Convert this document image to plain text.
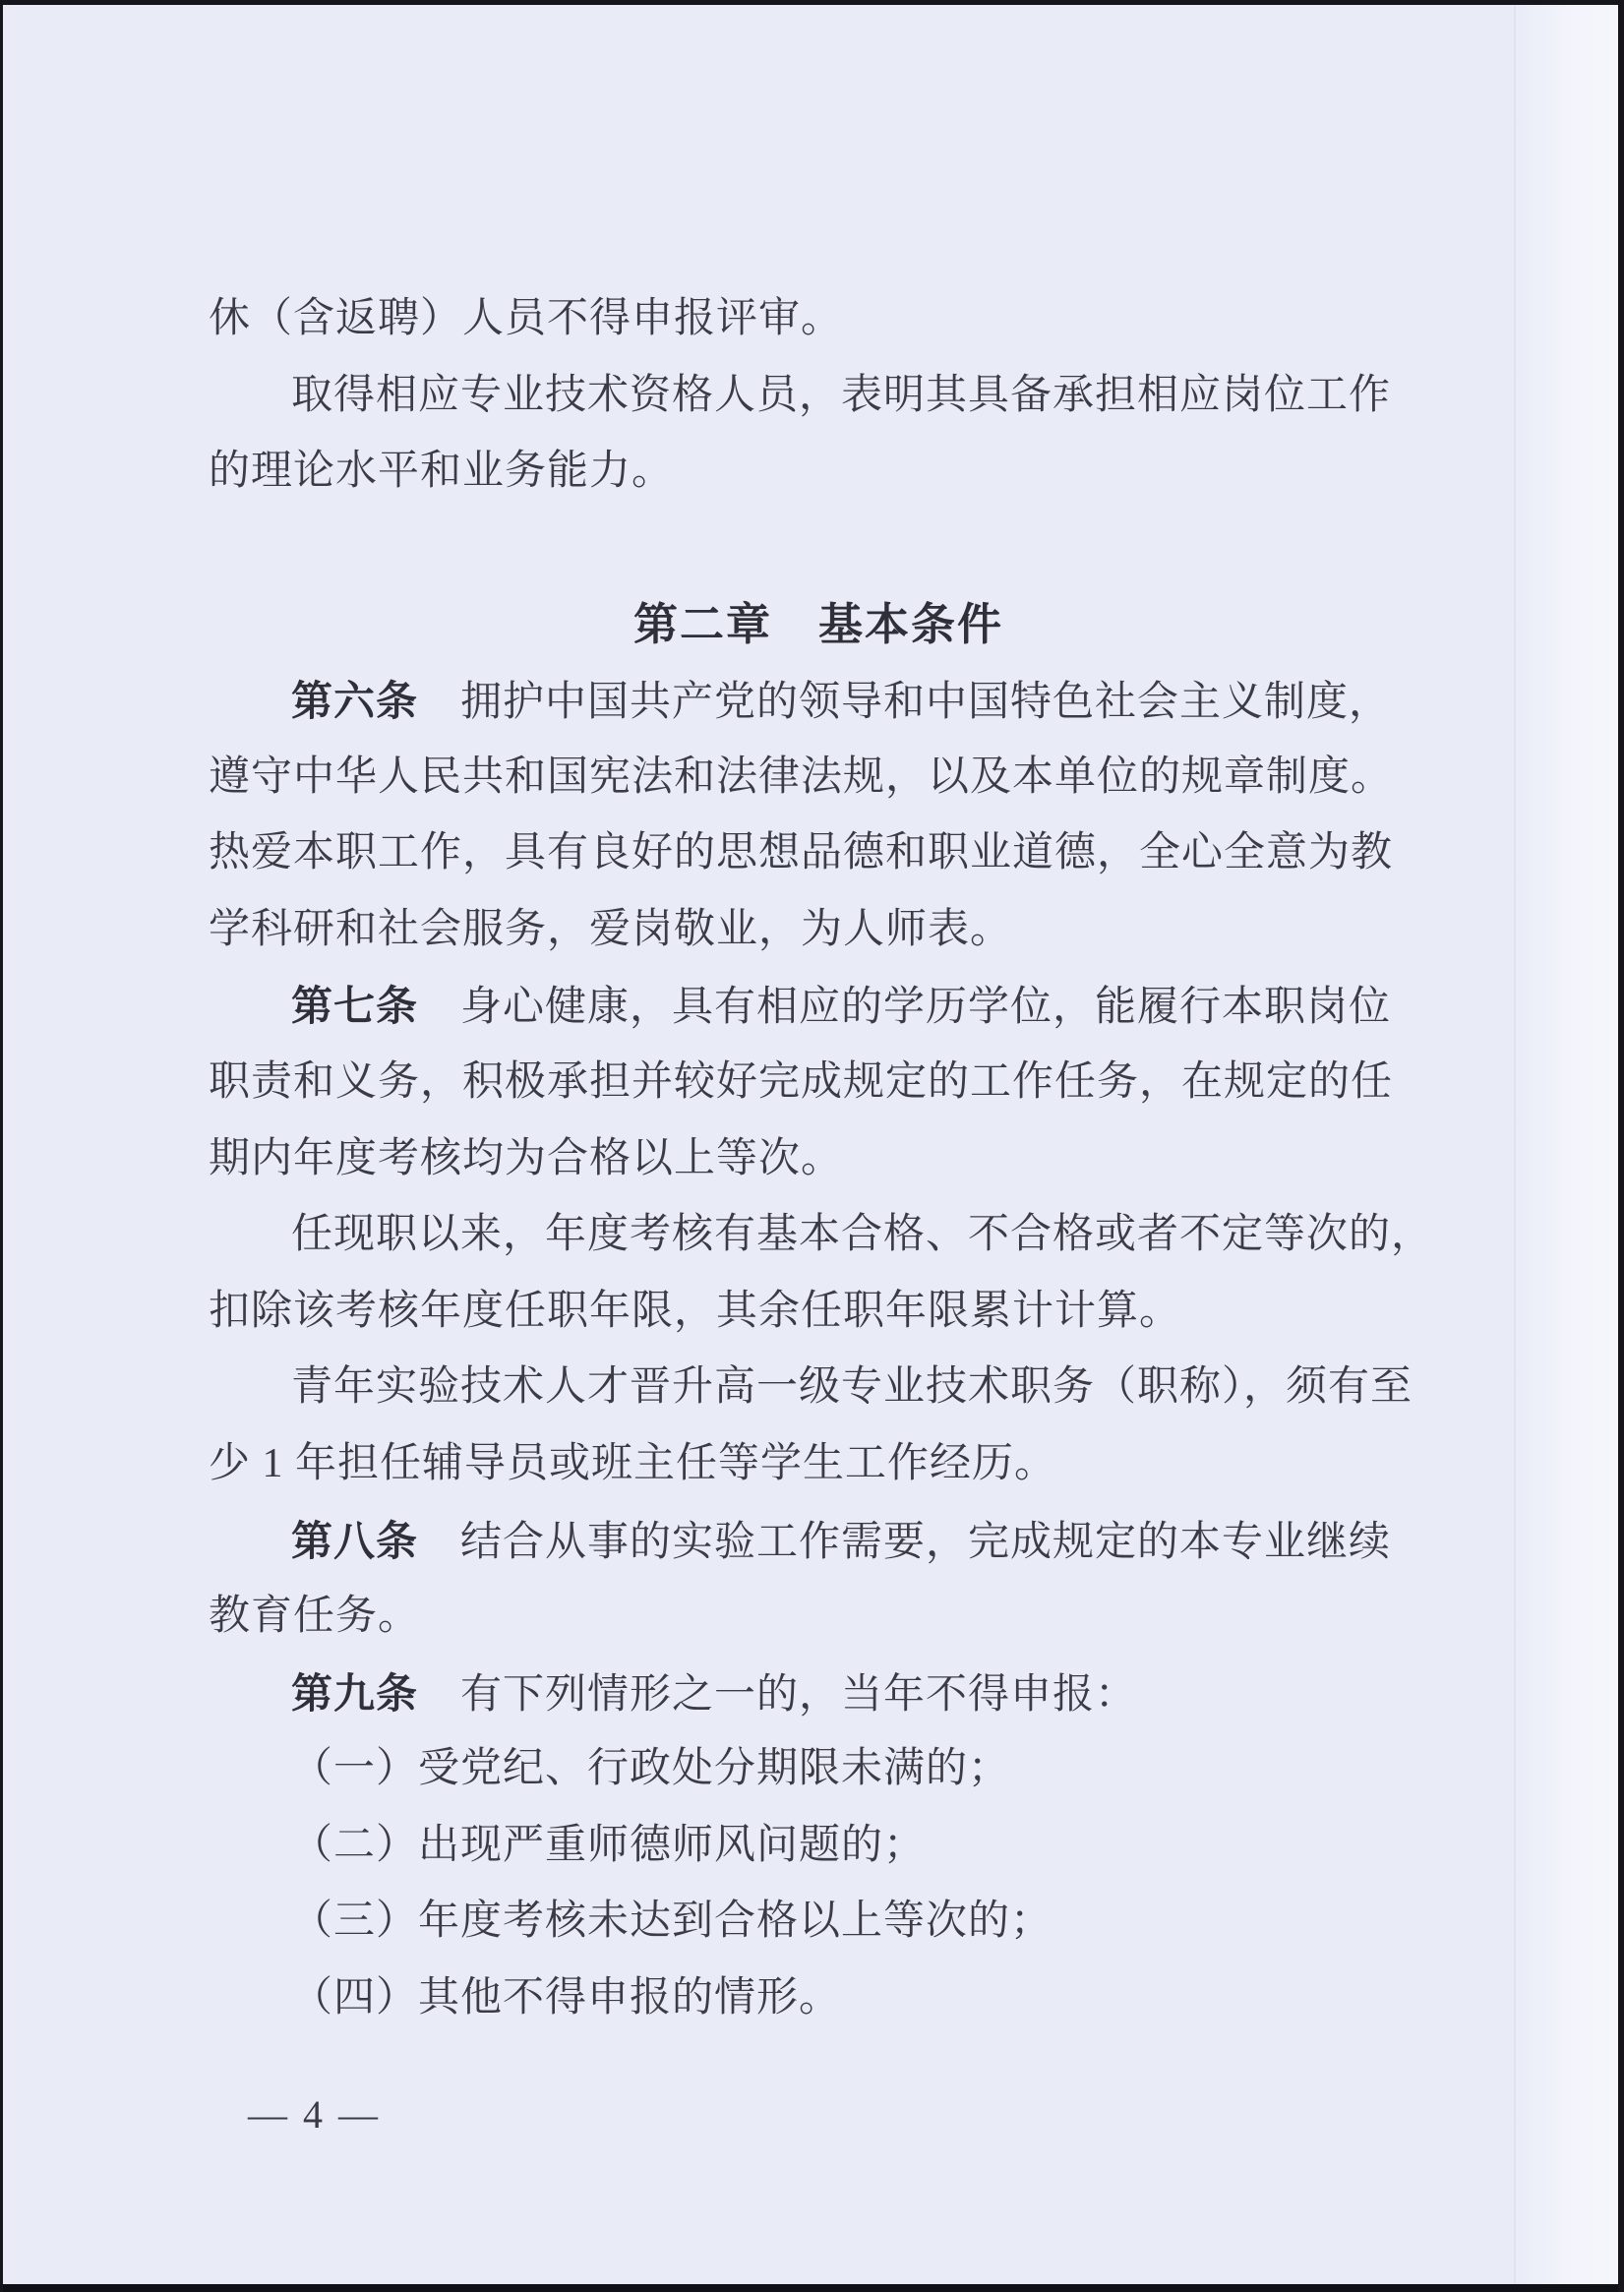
休（含返聘）人员不得申报评审。
取得相应专业技术资格人员，表明其具备承担相应岗位工作
的理论水平和业务能力。
第二章　基本条件
第六条　拥护中国共产党的领导和中国特色社会主义制度，
遵守中华人民共和国宪法和法律法规，以及本单位的规章制度。
热爱本职工作，具有良好的思想品德和职业道德，全心全意为教
学科研和社会服务，爱岗敬业，为人师表。
第七条　身心健康，具有相应的学历学位，能履行本职岗位
职责和义务，积极承担并较好完成规定的工作任务，在规定的任
期内年度考核均为合格以上等次。
任现职以来，年度考核有基本合格、不合格或者不定等次的，
扣除该考核年度任职年限，其余任职年限累计计算。
青年实验技术人才晋升高一级专业技术职务（职称），须有至
少 1 年担任辅导员或班主任等学生工作经历。
第八条　结合从事的实验工作需要，完成规定的本专业继续
教育任务。
第九条　有下列情形之一的，当年不得申报：
（一）受党纪、行政处分期限未满的；
（二）出现严重师德师风问题的；
（三）年度考核未达到合格以上等次的；
（四）其他不得申报的情形。
— 4 —
